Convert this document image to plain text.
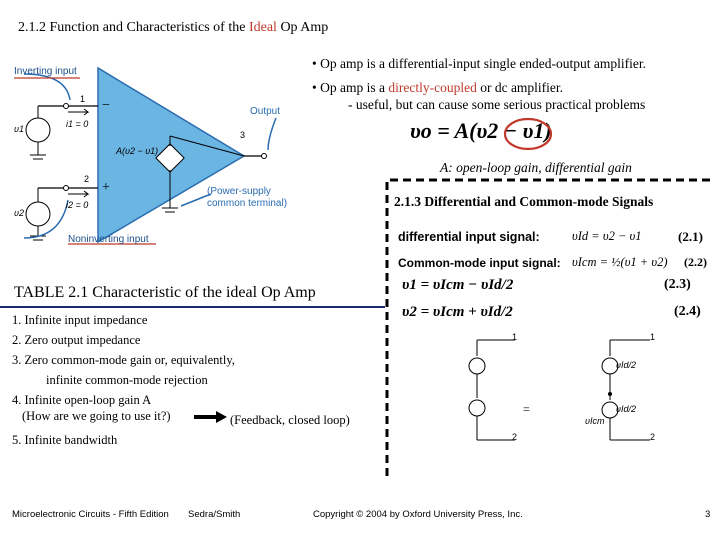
2.1.2 Function and Characteristics of the Ideal Op Amp
• Op amp is a differential-input single ended-output amplifier.
• Op amp is a directly-coupled or dc amplifier.
- useful, but can cause some serious practical problems
υo = A(υ2 − υ1)
A: open-loop gain, differential gain
2.1.3 Differential and Common-mode Signals
differential input signal:	υId = υ2 − υ1	(2.1)
Common-mode input signal: υIcm = ½(υ1 + υ2) (2.2)
υ1 = υIcm − υId/2	(2.3)
υ2 = υIcm + υId/2	(2.4)
TABLE 2.1 Characteristic of the ideal Op Amp
1. Infinite input impedance
2. Zero output impedance
3. Zero common-mode gain or, equivalently,
infinite common-mode rejection
4. Infinite open-loop gain A
(How are we going to use it?)	(Feedback, closed loop)
5. Infinite bandwidth
Inverting input
Noninverting input
Output
(Power-supply
common terminal)
A(υ2 − υ1)
i1 = 0
i2 = 0
υ1
υ2
1
2
3
−
+
1	1
2	2
=
υId/2
υId/2
υIcm
Microelectronic Circuits - Fifth Edition Sedra/Smith	Copyright © 2004 by Oxford University Press, Inc.	3
